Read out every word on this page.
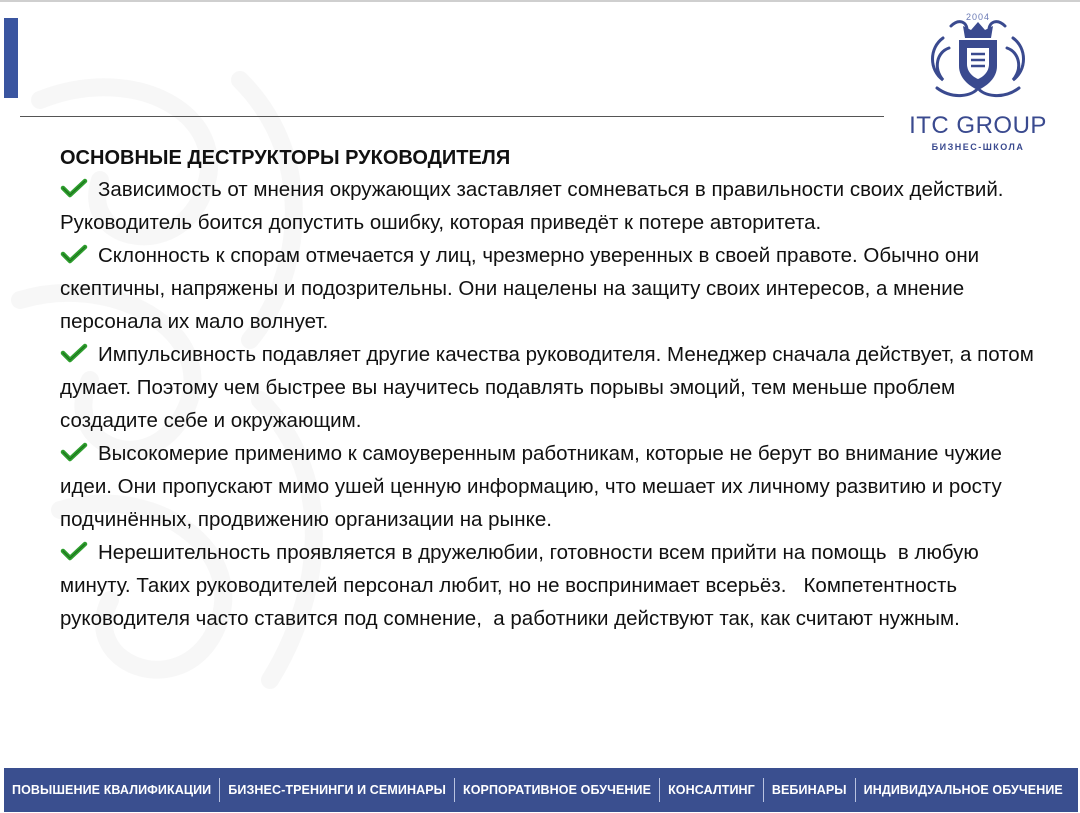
2004
ITC GROUP
БИЗНЕС-ШКОЛА

ОСНОВНЫЕ ДЕСТРУКТОРЫ РУКОВОДИТЕЛЯ

Зависимость от мнения окружающих заставляет сомневаться в правильности своих действий. Руководитель боится допустить ошибку, которая приведёт к потере авторитета.

Склонность к спорам отмечается у лиц, чрезмерно уверенных в своей правоте. Обычно они скептичны, напряжены и подозрительны. Они нацелены на защиту своих интересов, а мнение персонала их мало волнует.

Импульсивность подавляет другие качества руководителя. Менеджер сначала действует, а потом думает. Поэтому чем быстрее вы научитесь подавлять порывы эмоций, тем меньше проблем создадите себе и окружающим.

Высокомерие применимо к самоуверенным работникам, которые не берут во внимание чужие идеи. Они пропускают мимо ушей ценную информацию, что мешает их личному развитию и росту подчинённых, продвижению организации на рынке.

Нерешительность проявляется в дружелюбии, готовности всем прийти на помощь  в любую минуту. Таких руководителей персонал любит, но не воспринимает всерьёз.   Компетентность руководителя часто ставится под сомнение,  а работники действуют так, как считают нужным.

ПОВЫШЕНИЕ КВАЛИФИКАЦИИ	БИЗНЕС-ТРЕНИНГИ И СЕМИНАРЫ	КОРПОРАТИВНОЕ ОБУЧЕНИЕ	КОНСАЛТИНГ	ВЕБИНАРЫ	ИНДИВИДУАЛЬНОЕ ОБУЧЕНИЕ
